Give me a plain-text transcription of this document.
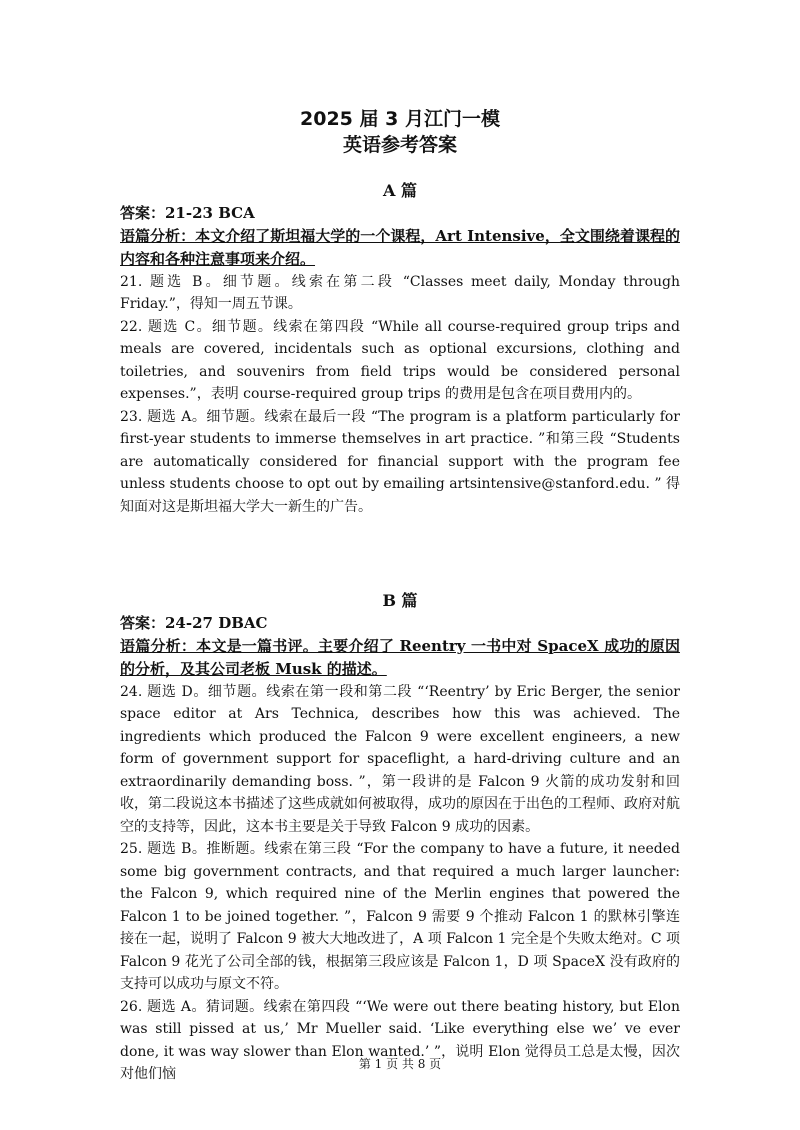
2025 届 3 月江门一模
英语参考答案
A 篇

答案：21-23 BCA

语篇分析：本文介绍了斯坦福大学的一个课程，Art Intensive，全文围绕着课程的内容和各种注意事项来介绍。

21. 题选 B。细节题。线索在第二段 “Classes meet daily, Monday through Friday.”，得知一周五节课。

22. 题选 C。细节题。线索在第四段 “While all course-required group trips and meals are covered, incidentals such as optional excursions, clothing and toiletries, and souvenirs from field trips would be considered personal expenses.”，表明 course-required group trips 的费用是包含在项目费用内的。

23. 题选 A。细节题。线索在最后一段 “The program is a platform particularly for first-year students to immerse themselves in art practice. ”和第三段 “Students are automatically considered for financial support with the program fee unless students choose to opt out by emailing artsintensive@stanford.edu. ” 得知面对这是斯坦福大学大一新生的广告。

B 篇

答案：24-27 DBAC

语篇分析：本文是一篇书评。主要介绍了 Reentry 一书中对 SpaceX 成功的原因的分析，及其公司老板 Musk 的描述。

24. 题选 D。细节题。线索在第一段和第二段 “‘Reentry’ by Eric Berger, the senior space editor at Ars Technica, describes how this was achieved. The ingredients which produced the Falcon 9 were excellent engineers, a new form of government support for spaceflight, a hard-driving culture and an extraordinarily demanding boss. ”，第一段讲的是 Falcon 9 火箭的成功发射和回收，第二段说这本书描述了这些成就如何被取得，成功的原因在于出色的工程师、政府对航空的支持等，因此，这本书主要是关于导致 Falcon 9 成功的因素。

25. 题选 B。推断题。线索在第三段 “For the company to have a future, it needed some big government contracts, and that required a much larger launcher: the Falcon 9, which required nine of the Merlin engines that powered the Falcon 1 to be joined together. ”，Falcon 9 需要 9 个推动 Falcon 1 的默林引擎连接在一起，说明了 Falcon 9 被大大地改进了，A 项 Falcon 1 完全是个失败太绝对。C 项 Falcon 9 花光了公司全部的钱，根据第三段应该是 Falcon 1，D 项 SpaceX 没有政府的支持可以成功与原文不符。

26. 题选 A。猜词题。线索在第四段 “‘We were out there beating history, but Elon was still pissed at us,’ Mr Mueller said. ‘Like everything else we’ ve ever done, it was way slower than Elon wanted.’ ”，说明 Elon 觉得员工总是太慢，因次对他们恼

第 1 页 共 8 页
